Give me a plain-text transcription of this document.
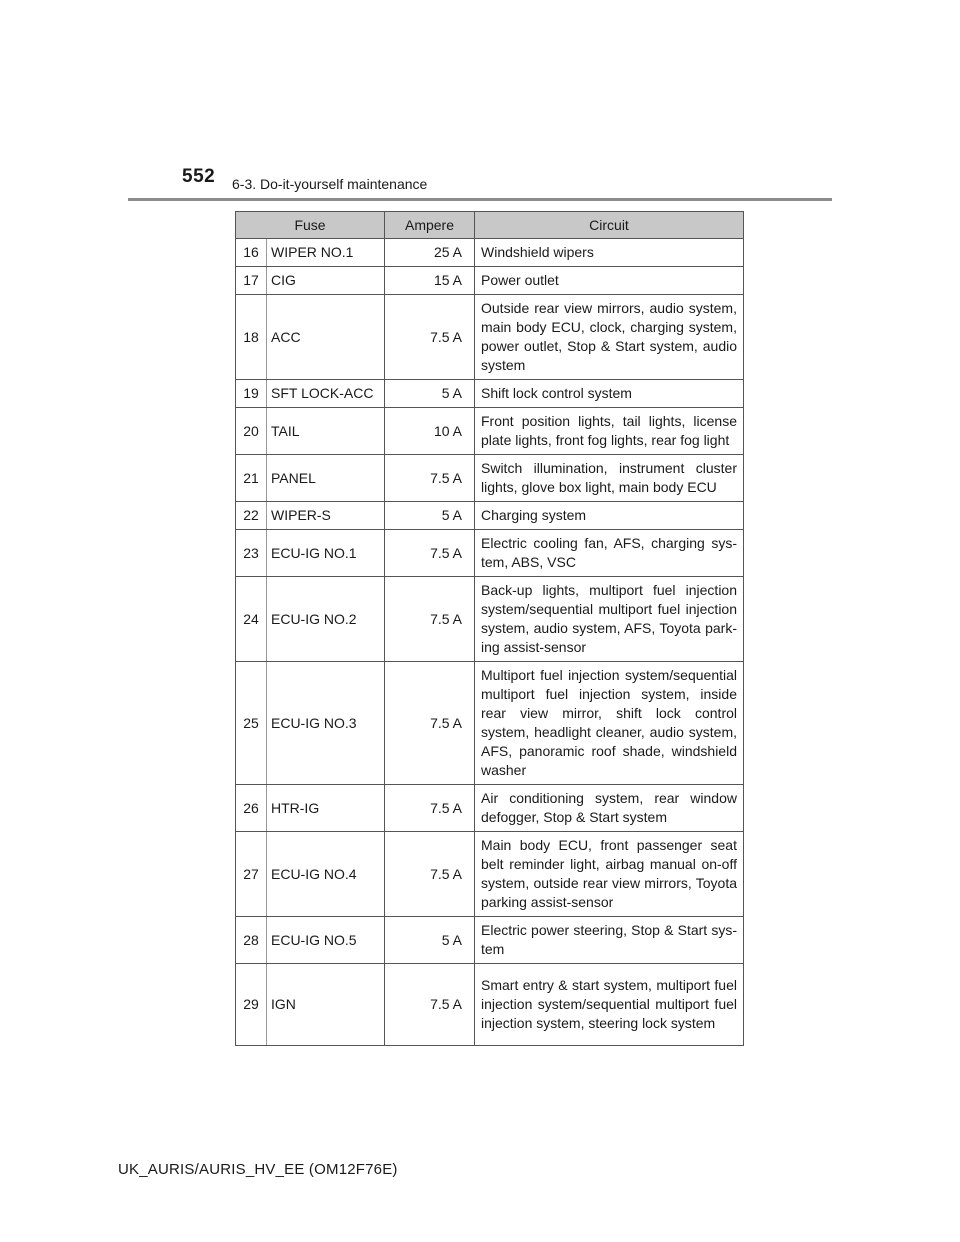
552 6-3. Do-it-yourself maintenance
Fuse		Ampere	Circuit
16	WIPER NO.1	25 A	Windshield wipers
17	CIG	15 A	Power outlet
18	ACC	7.5 A	Outside rear view mirrors, audio system, main body ECU, clock, charging system, power outlet, Stop & Start system, audio system
19	SFT LOCK-ACC	5 A	Shift lock control system
20	TAIL	10 A	Front position lights, tail lights, license plate lights, front fog lights, rear fog light
21	PANEL	7.5 A	Switch illumination, instrument cluster lights, glove box light, main body ECU
22	WIPER-S	5 A	Charging system
23	ECU-IG NO.1	7.5 A	Electric cooling fan, AFS, charging sys-tem, ABS, VSC
24	ECU-IG NO.2	7.5 A	Back-up lights, multiport fuel injection system/sequential multiport fuel injection system, audio system, AFS, Toyota park-ing assist-sensor
25	ECU-IG NO.3	7.5 A	Multiport fuel injection system/sequential multiport fuel injection system, inside rear view mirror, shift lock control system, headlight cleaner, audio system, AFS, panoramic roof shade, windshield washer
26	HTR-IG	7.5 A	Air conditioning system, rear window defogger, Stop & Start system
27	ECU-IG NO.4	7.5 A	Main body ECU, front passenger seat belt reminder light, airbag manual on-off system, outside rear view mirrors, Toyota parking assist-sensor
28	ECU-IG NO.5	5 A	Electric power steering, Stop & Start sys-tem
29	IGN	7.5 A	Smart entry & start system, multiport fuel injection system/sequential multiport fuel injection system, steering lock system
UK_AURIS/AURIS_HV_EE (OM12F76E)
